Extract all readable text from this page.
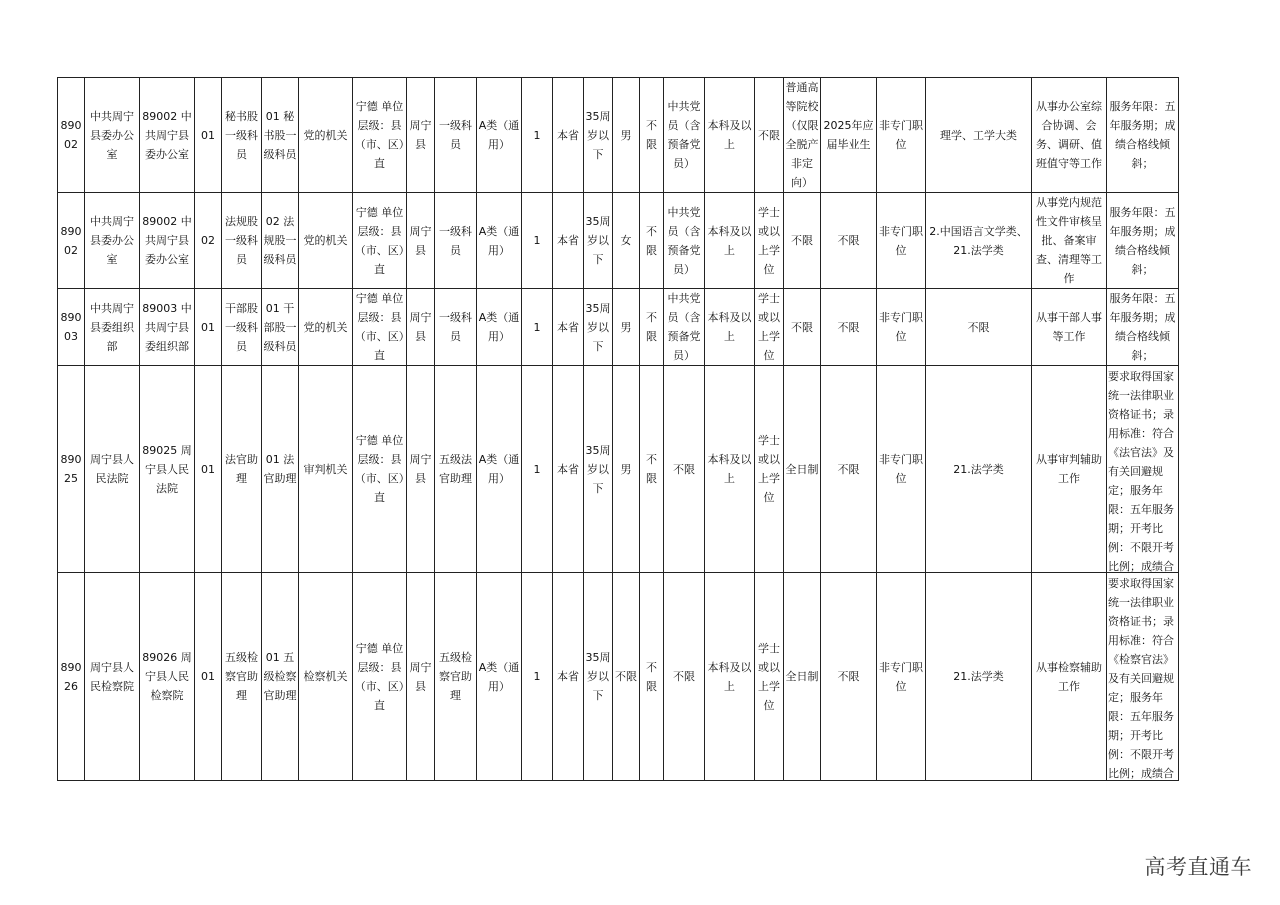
89002	中共周宁县委办公室	89002 中共周宁县委办公室	01	秘书股一级科员	01 秘书股一级科员	党的机关	宁德 单位层级：县（市、区）直	周宁县	一级科员	A类（通用）	1	本省	35周岁以下	男	不限	中共党员（含预备党员）	本科及以上	不限	普通高等院校（仅限全脱产非定向）	2025年应届毕业生	非专门职位	理学、工学大类	从事办公室综合协调、会务、调研、值班值守等工作	服务年限：五年服务期；成绩合格线倾斜；
89002	中共周宁县委办公室	89002 中共周宁县委办公室	02	法规股一级科员	02 法规股一级科员	党的机关	宁德 单位层级：县（市、区）直	周宁县	一级科员	A类（通用）	1	本省	35周岁以下	女	不限	中共党员（含预备党员）	本科及以上	学士或以上学位	不限	不限	非专门职位	2.中国语言文学类、21.法学类	从事党内规范性文件审核呈批、备案审查、清理等工作	服务年限：五年服务期；成绩合格线倾斜；
89003	中共周宁县委组织部	89003 中共周宁县委组织部	01	干部股一级科员	01 干部股一级科员	党的机关	宁德 单位层级：县（市、区）直	周宁县	一级科员	A类（通用）	1	本省	35周岁以下	男	不限	中共党员（含预备党员）	本科及以上	学士或以上学位	不限	不限	非专门职位	不限	从事干部人事等工作	服务年限：五年服务期；成绩合格线倾斜；
89025	周宁县人民法院	89025 周宁县人民法院	01	法官助理	01 法官助理	审判机关	宁德 单位层级：县（市、区）直	周宁县	五级法官助理	A类（通用）	1	本省	35周岁以下	男	不限	不限	本科及以上	学士或以上学位	全日制	不限	非专门职位	21.法学类	从事审判辅助工作	要求取得国家统一法律职业资格证书；录用标准：符合《法官法》及有关回避规定；服务年限：五年服务期；开考比例：不限开考比例；成绩合

89026	周宁县人民检察院	89026 周宁县人民检察院	01	五级检察官助理	01 五级检察官助理	检察机关	宁德 单位层级：县（市、区）直	周宁县	五级检察官助理	A类（通用）	1	本省	35周岁以下	不限	不限	不限	本科及以上	学士或以上学位	全日制	不限	非专门职位	21.法学类	从事检察辅助工作	要求取得国家统一法律职业资格证书；录用标准：符合《检察官法》及有关回避规定；服务年限：五年服务期；开考比例：不限开考比例；成绩合
高考直通车
